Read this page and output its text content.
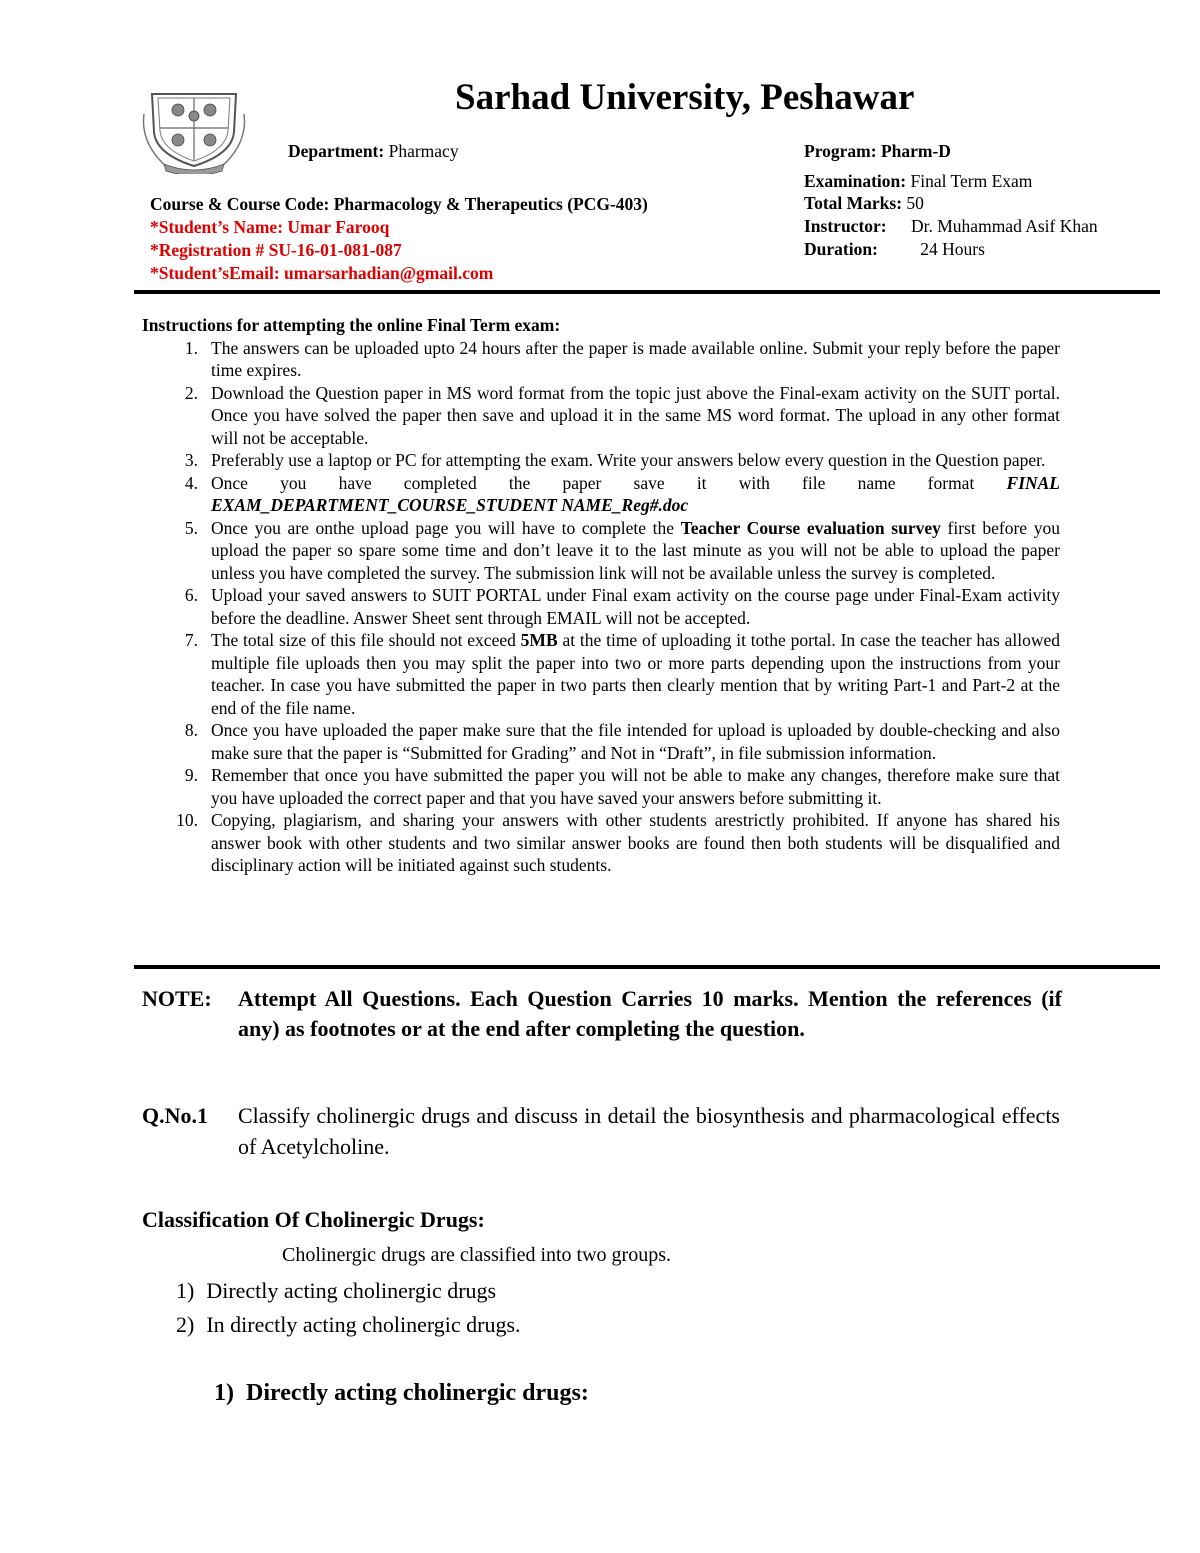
Sarhad University, Peshawar
Department: Pharmacy	Program: Pharm-D
Course & Course Code: Pharmacology & Therapeutics (PCG-403)
*Student’s Name: Umar Farooq
*Registration # SU-16-01-081-087
*Student’sEmail: umarsarhadian@gmail.com
Examination: Final Term Exam
Total Marks: 50
Instructor: Dr. Muhammad Asif Khan
Duration: 24 Hours
Instructions for attempting the online Final Term exam:
1. The answers can be uploaded upto 24 hours after the paper is made available online. Submit your reply before the paper time expires.
2. Download the Question paper in MS word format from the topic just above the Final-exam activity on the SUIT portal. Once you have solved the paper then save and upload it in the same MS word format. The upload in any other format will not be acceptable.
3. Preferably use a laptop or PC for attempting the exam. Write your answers below every question in the Question paper.
4. Once you have completed the paper save it with file name format FINAL EXAM_DEPARTMENT_COURSE_STUDENT NAME_Reg#.doc
5. Once you are onthe upload page you will have to complete the Teacher Course evaluation survey first before you upload the paper so spare some time and don’t leave it to the last minute as you will not be able to upload the paper unless you have completed the survey. The submission link will not be available unless the survey is completed.
6. Upload your saved answers to SUIT PORTAL under Final exam activity on the course page under Final-Exam activity before the deadline. Answer Sheet sent through EMAIL will not be accepted.
7. The total size of this file should not exceed 5MB at the time of uploading it tothe portal. In case the teacher has allowed multiple file uploads then you may split the paper into two or more parts depending upon the instructions from your teacher. In case you have submitted the paper in two parts then clearly mention that by writing Part-1 and Part-2 at the end of the file name.
8. Once you have uploaded the paper make sure that the file intended for upload is uploaded by double-checking and also make sure that the paper is “Submitted for Grading” and Not in “Draft”, in file submission information.
9. Remember that once you have submitted the paper you will not be able to make any changes, therefore make sure that you have uploaded the correct paper and that you have saved your answers before submitting it.
10. Copying, plagiarism, and sharing your answers with other students arestrictly prohibited. If anyone has shared his answer book with other students and two similar answer books are found then both students will be disqualified and disciplinary action will be initiated against such students.
NOTE: Attempt All Questions. Each Question Carries 10 marks. Mention the references (if any) as footnotes or at the end after completing the question.
Q.No.1 Classify cholinergic drugs and discuss in detail the biosynthesis and pharmacological effects of Acetylcholine.
Classification Of Cholinergic Drugs:
Cholinergic drugs are classified into two groups.
1) Directly acting cholinergic drugs
2) In directly acting cholinergic drugs.
1) Directly acting cholinergic drugs:
